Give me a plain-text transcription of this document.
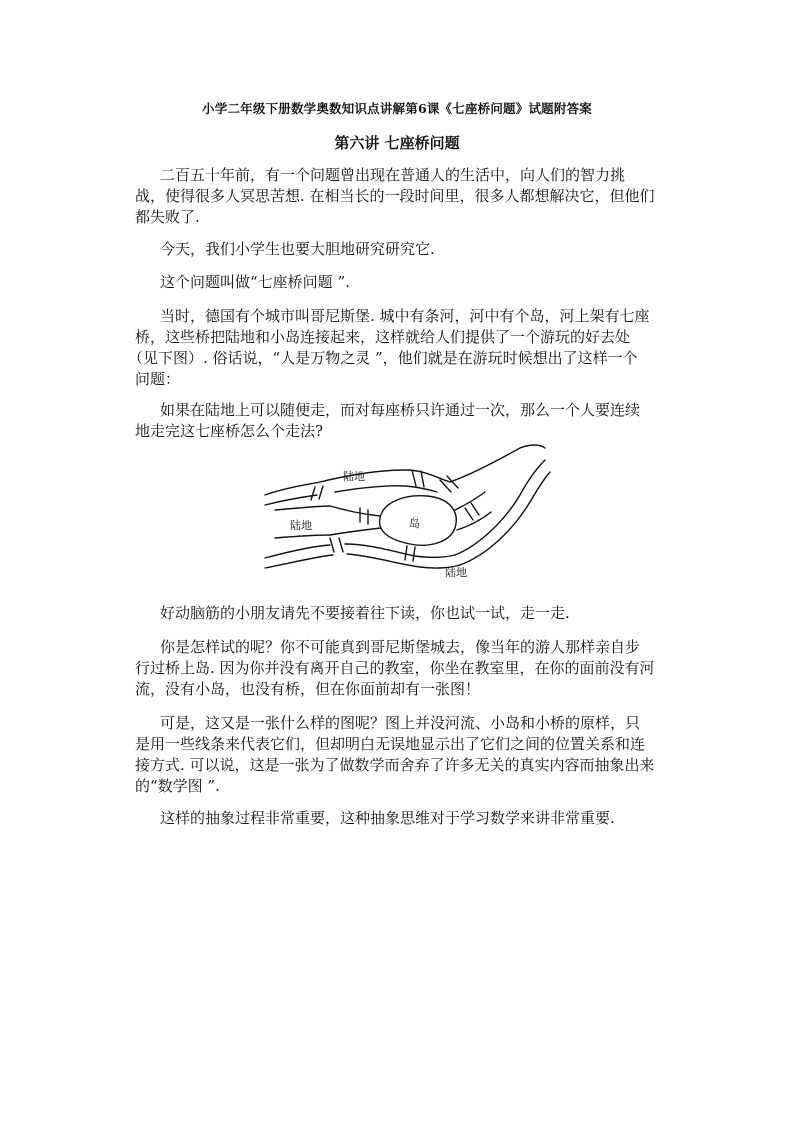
小学二年级下册数学奥数知识点讲解第6课《七座桥问题》试题附答案
第六讲 七座桥问题
二百五十年前，有一个问题曾出现在普通人的生活中，向人们的智力挑
战，使得很多人冥思苦想. 在相当长的一段时间里，很多人都想解决它，但他们
都失败了.
今天，我们小学生也要大胆地研究研究它.
这个问题叫做“七座桥问题 ”.
当时，德国有个城市叫哥尼斯堡. 城中有条河，河中有个岛，河上架有七座
桥，这些桥把陆地和小岛连接起来，这样就给人们提供了一个游玩的好去处
（见下图）. 俗话说，“人是万物之灵 ”，他们就是在游玩时候想出了这样一个
问题：
如果在陆地上可以随便走，而对每座桥只许通过一次，那么一个人要连续
地走完这七座桥怎么个走法?
陆地
陆地	岛
陆地
好动脑筋的小朋友请先不要接着往下读，你也试一试，走一走.
你是怎样试的呢？你不可能真到哥尼斯堡城去，像当年的游人那样亲自步
行过桥上岛. 因为你并没有离开自己的教室，你坐在教室里，在你的面前没有河
流，没有小岛，也没有桥，但在你面前却有一张图！
可是，这又是一张什么样的图呢？图上并没河流、小岛和小桥的原样，只
是用一些线条来代表它们，但却明白无误地显示出了它们之间的位置关系和连
接方式. 可以说，这是一张为了做数学而舍弃了许多无关的真实内容而抽象出来
的“数学图 ”.
这样的抽象过程非常重要，这种抽象思维对于学习数学来讲非常重要.
